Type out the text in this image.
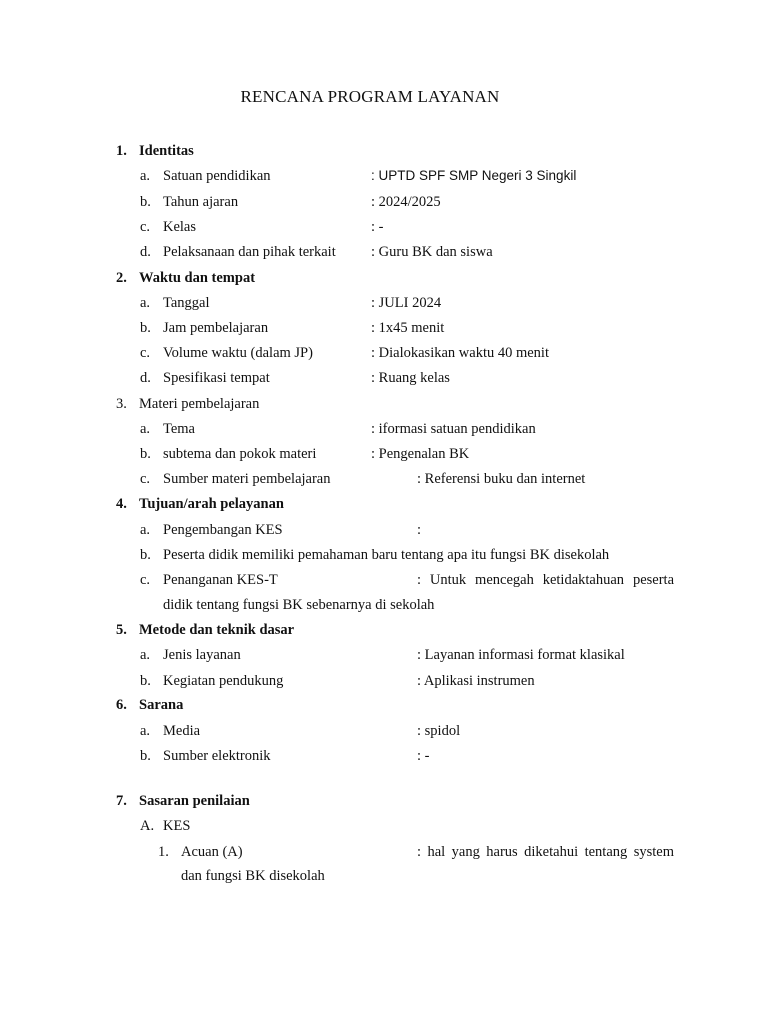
RENCANA PROGRAM LAYANAN
1. Identitas
a. Satuan pendidikan	: UPTD SPF SMP Negeri 3 Singkil
b. Tahun ajaran	: 2024/2025
c. Kelas	: -
d. Pelaksanaan dan pihak terkait : Guru BK dan siswa
2. Waktu dan tempat
a. Tanggal	: JULI 2024
b. Jam pembelajaran	: 1x45 menit
c. Volume waktu (dalam JP)	: Dialokasikan waktu 40 menit
d. Spesifikasi tempat	: Ruang kelas
3. Materi pembelajaran
a. Tema	: iformasi satuan pendidikan
b. subtema dan pokok materi	: Pengenalan BK
c. Sumber materi pembelajaran	: Referensi buku dan internet
4. Tujuan/arah pelayanan
a. Pengembangan KES	:
b. Peserta didik memiliki pemahaman baru tentang apa itu fungsi BK disekolah
c. Penanganan KES-T	: Untuk mencegah ketidaktahuan peserta
didik tentang fungsi BK sebenarnya di sekolah
5. Metode dan teknik dasar
a. Jenis layanan	: Layanan informasi format klasikal
b. Kegiatan pendukung	: Aplikasi instrumen
6. Sarana
a. Media	: spidol
b. Sumber elektronik	: -
7. Sasaran penilaian
A. KES
1. Acuan (A)	: hal yang harus diketahui tentang system
dan fungsi BK disekolah
